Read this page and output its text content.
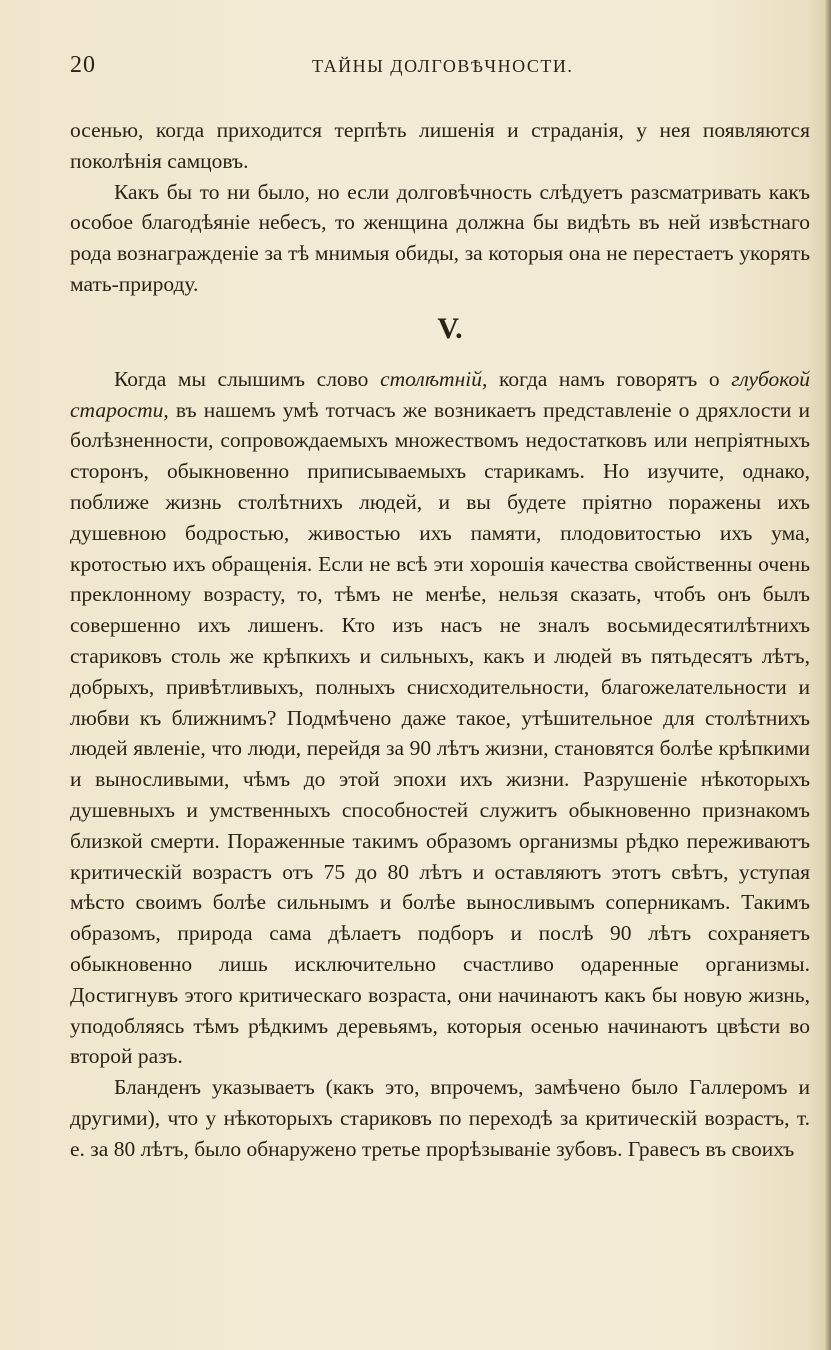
20	ТАЙНЫ ДОЛГОВѢЧНОСТИ.

осенью, когда приходится терпѣть лишенія и страданія, у нея появляются поколѣнія самцовъ.

Какъ бы то ни было, но если долговѣчность слѣдуетъ разсматривать какъ особое благодѣяніе небесъ, то женщина должна бы видѣть въ ней извѣстнаго рода вознагражденіе за тѣ мнимыя обиды, за которыя она не перестаетъ укорять мать-природу.

V.

Когда мы слышимъ слово столѣтній, когда намъ говорятъ о глубокой старости, въ нашемъ умѣ тотчасъ же возникаетъ представленіе о дряхлости и болѣзненности, сопровождаемыхъ множествомъ недостатковъ или непріятныхъ сторонъ, обыкновенно приписываемыхъ старикамъ. Но изучите, однако, поближе жизнь столѣтнихъ людей, и вы будете пріятно поражены ихъ душевною бодростью, живостью ихъ памяти, плодовитостью ихъ ума, кротостью ихъ обращенія. Если не всѣ эти хорошія качества свойственны очень преклонному возрасту, то, тѣмъ не менѣе, нельзя сказать, чтобъ онъ былъ совершенно ихъ лишенъ. Кто изъ насъ не зналъ восьмидесятилѣтнихъ стариковъ столь же крѣпкихъ и сильныхъ, какъ и людей въ пятьдесятъ лѣтъ, добрыхъ, привѣтливыхъ, полныхъ снисходительности, благожелательности и любви къ ближнимъ? Подмѣчено даже такое, утѣшительное для столѣтнихъ людей явленіе, что люди, перейдя за 90 лѣтъ жизни, становятся болѣе крѣпкими и выносливыми, чѣмъ до этой эпохи ихъ жизни. Разрушеніе нѣкоторыхъ душевныхъ и умственныхъ способностей служитъ обыкновенно признакомъ близкой смерти. Пораженные такимъ образомъ организмы рѣдко переживаютъ критическій возрастъ отъ 75 до 80 лѣтъ и оставляютъ этотъ свѣтъ, уступая мѣсто своимъ болѣе сильнымъ и болѣе выносливымъ соперникамъ. Такимъ образомъ, природа сама дѣлаетъ подборъ и послѣ 90 лѣтъ сохраняетъ обыкновенно лишь исключительно счастливо одаренные организмы. Достигнувъ этого критическаго возраста, они начинаютъ какъ бы новую жизнь, уподобляясь тѣмъ рѣдкимъ деревьямъ, которыя осенью начинаютъ цвѣсти во второй разъ.

Бланденъ указываетъ (какъ это, впрочемъ, замѣчено было Галлеромъ и другими), что у нѣкоторыхъ стариковъ по переходѣ за критическій возрастъ, т. е. за 80 лѣтъ, было обнаружено третье прорѣзываніе зубовъ. Гравесъ въ своихъ
